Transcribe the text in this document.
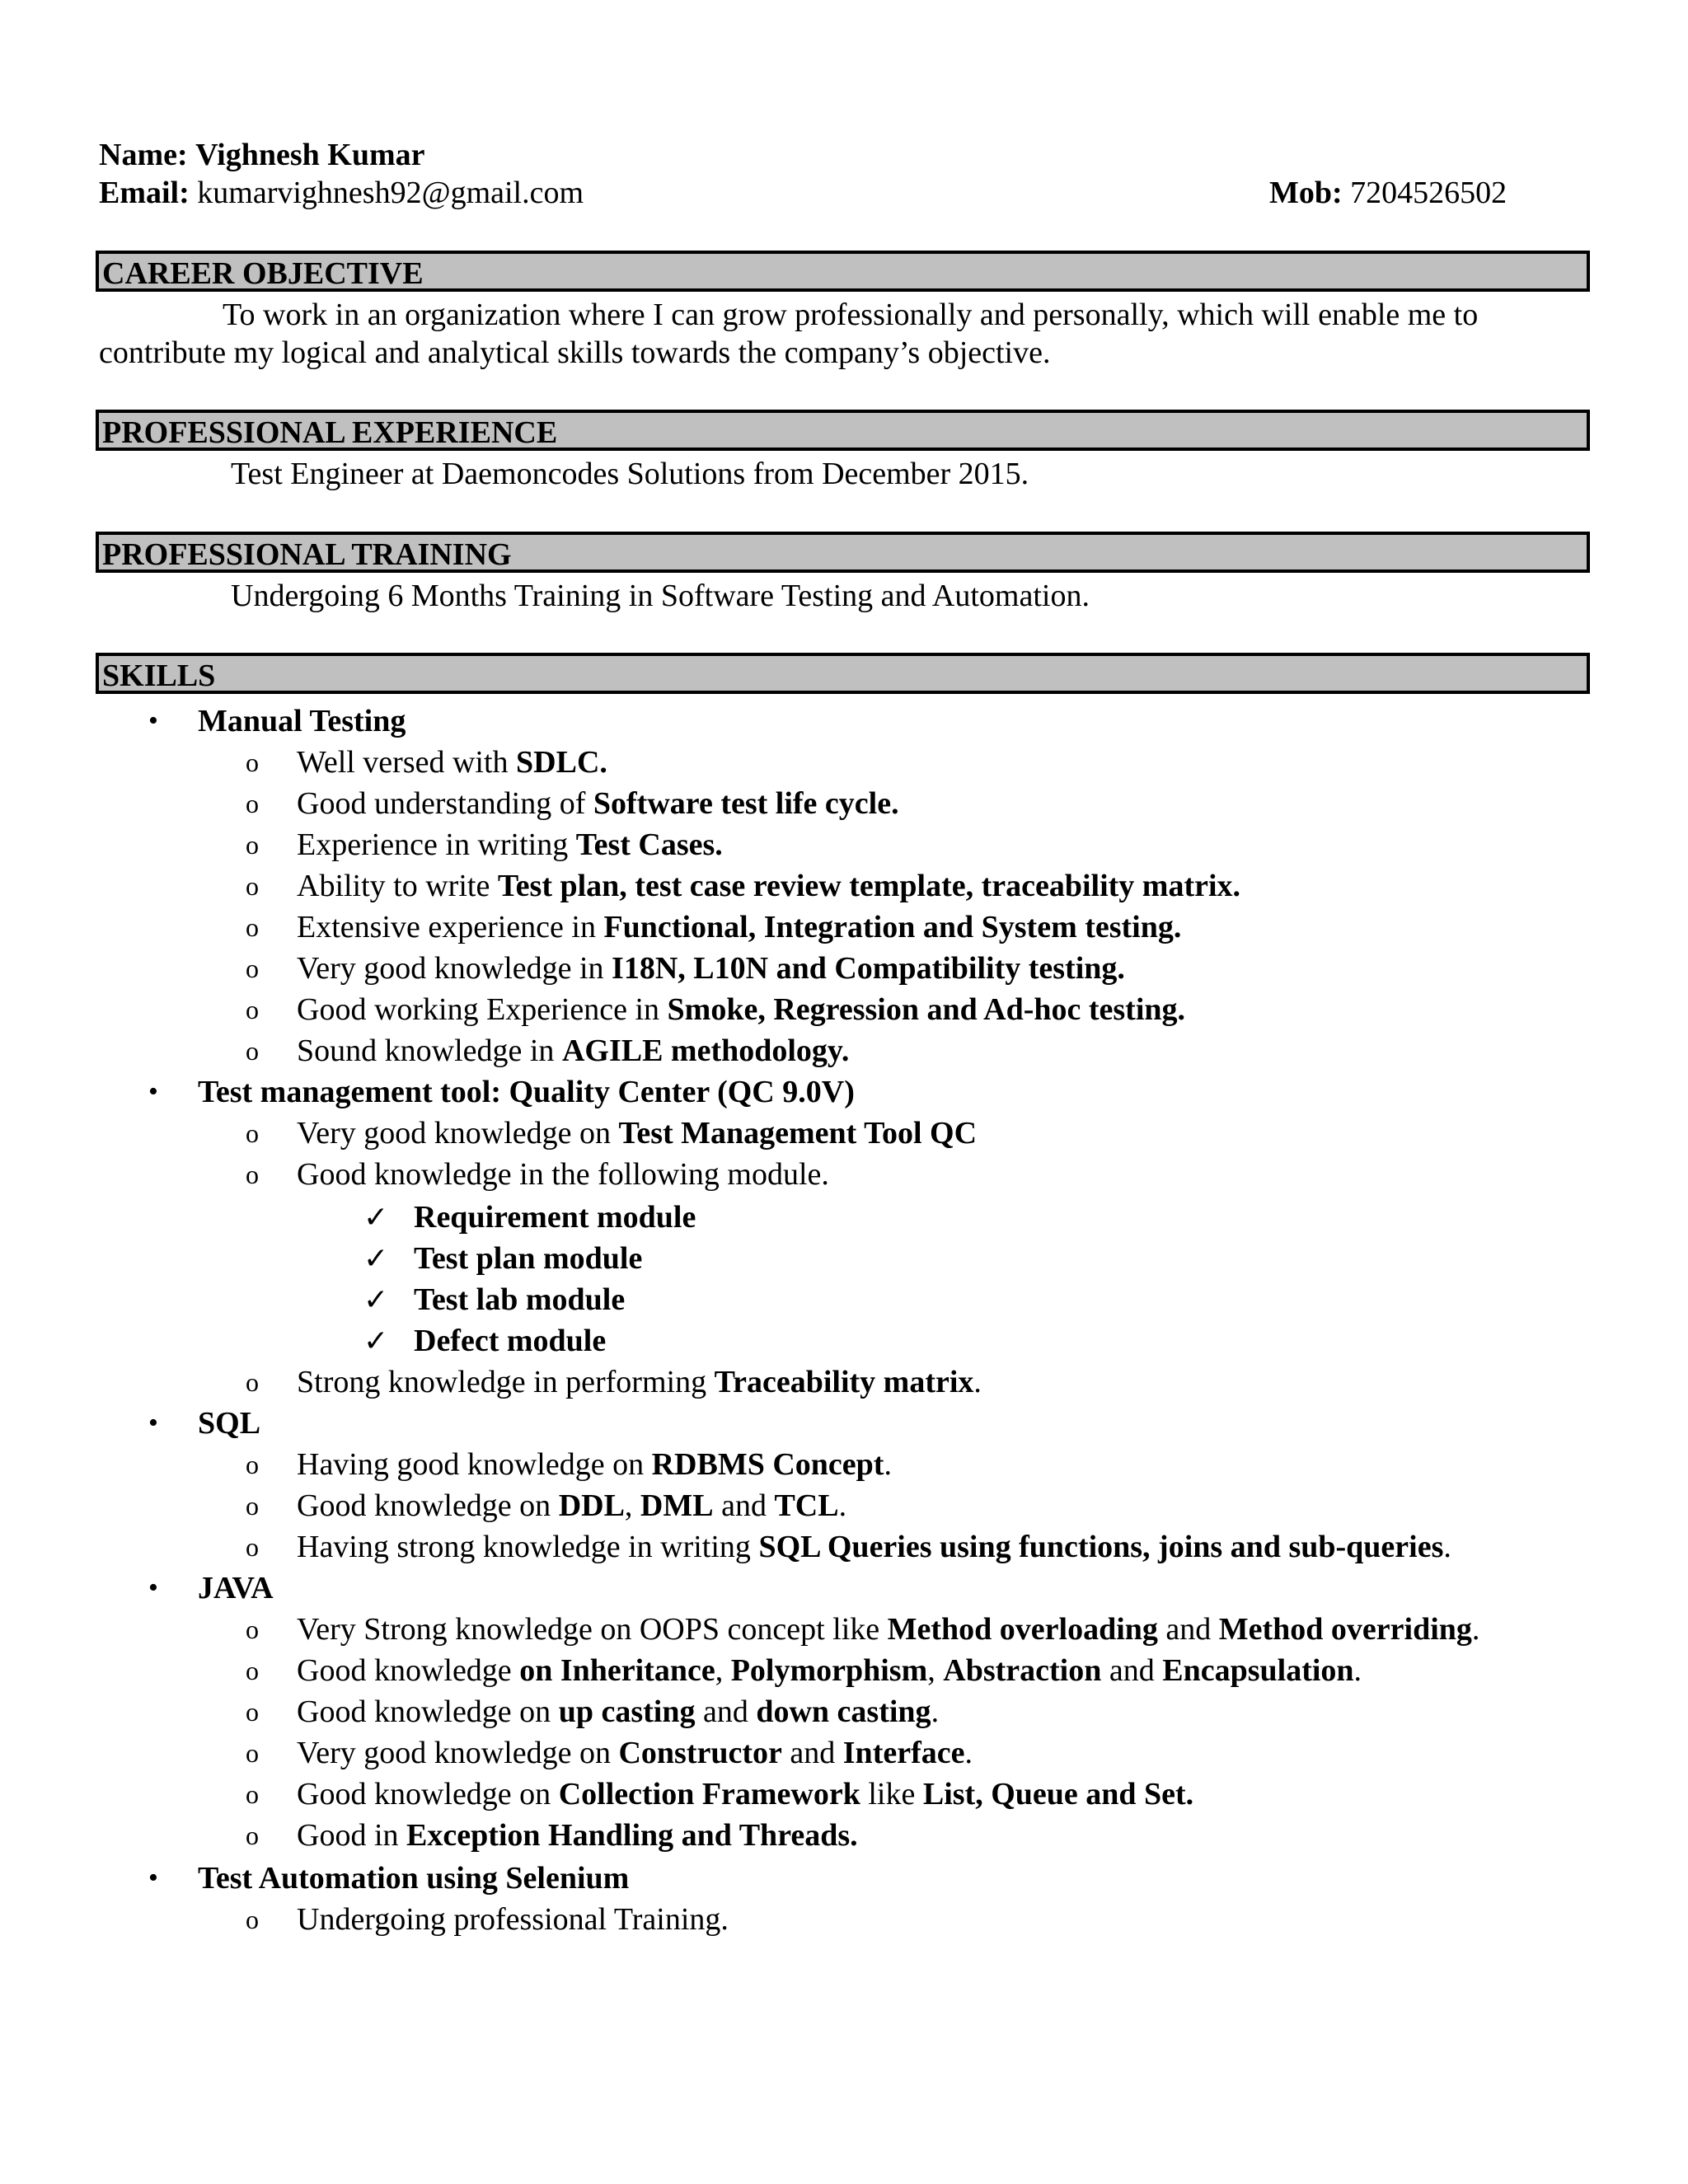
Name: Vighnesh Kumar
Email: kumarvighnesh92@gmail.com	Mob: 7204526502
CAREER OBJECTIVE
To work in an organization where I can grow professionally and personally, which will enable me to
contribute my logical and analytical skills towards the company’s objective.
PROFESSIONAL EXPERIENCE
Test Engineer at Daemoncodes Solutions from December 2015.
PROFESSIONAL TRAINING
Undergoing 6 Months Training in Software Testing and Automation.
SKILLS
• Manual Testing
o Well versed with SDLC.
o Good understanding of Software test life cycle.
o Experience in writing Test Cases.
o Ability to write Test plan, test case review template, traceability matrix.
o Extensive experience in Functional, Integration and System testing.
o Very good knowledge in I18N, L10N and Compatibility testing.
o Good working Experience in Smoke, Regression and Ad-hoc testing.
o Sound knowledge in AGILE methodology.
• Test management tool: Quality Center (QC 9.0V)
o Very good knowledge on Test Management Tool QC
o Good knowledge in the following module.
✓ Requirement module
✓ Test plan module
✓ Test lab module
✓ Defect module
o Strong knowledge in performing Traceability matrix.
• SQL
o Having good knowledge on RDBMS Concept.
o Good knowledge on DDL, DML and TCL.
o Having strong knowledge in writing SQL Queries using functions, joins and sub-queries.
• JAVA
o Very Strong knowledge on OOPS concept like Method overloading and Method overriding.
o Good knowledge on Inheritance, Polymorphism, Abstraction and Encapsulation.
o Good knowledge on up casting and down casting.
o Very good knowledge on Constructor and Interface.
o Good knowledge on Collection Framework like List, Queue and Set.
o Good in Exception Handling and Threads.
• Test Automation using Selenium
o Undergoing professional Training.
